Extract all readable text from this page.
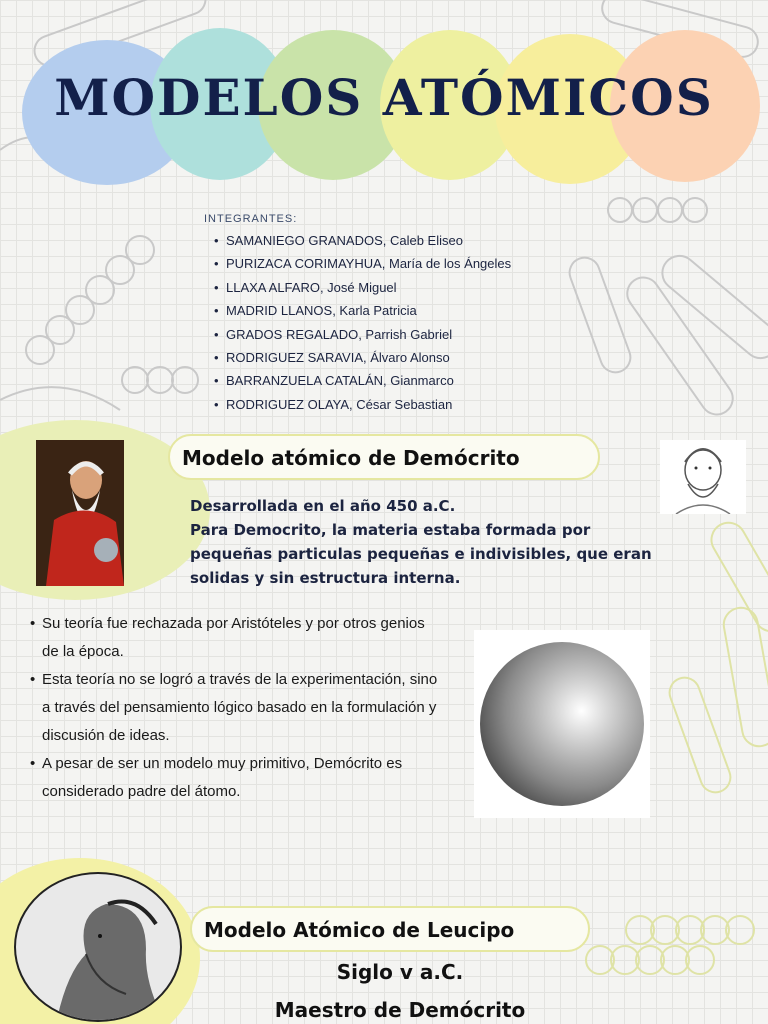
MODELOS ATÓMICOS
INTEGRANTES:
• SAMANIEGO GRANADOS, Caleb Eliseo
• PURIZACA CORIMAYHUA, María de los Ángeles
• LLAXA ALFARO, José Miguel
• MADRID LLANOS, Karla Patricia
• GRADOS REGALADO, Parrish Gabriel
• RODRIGUEZ SARAVIA, Álvaro Alonso
• BARRANZUELA CATALÁN, Gianmarco
• RODRIGUEZ OLAYA, César Sebastian
Modelo atómico de Demócrito
Desarrollada en el año 450 a.C.
Para Democrito, la materia estaba formada por pequeñas particulas pequeñas e indivisibles, que eran solidas y sin estructura interna.
• Su teoría fue rechazada por Aristóteles y por otros genios de la época.
• Esta teoría no se logró a través de la experimentación, sino a través del pensamiento lógico basado en la formulación y discusión de ideas.
• A pesar de ser un modelo muy primitivo, Demócrito es considerado padre del átomo.
Modelo Atómico de Leucipo
Siglo v a.C.
Maestro de Demócrito
